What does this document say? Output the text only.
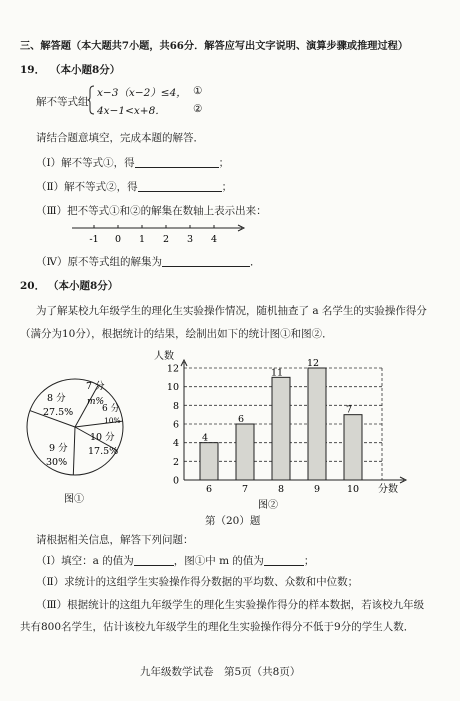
三、解答题（本大题共7小题，共66分．解答应写出文字说明、演算步骤或推理过程）
19． （本小题8分）
解不等式组
x−3（x−2）≤4， ①
4x−1<x+8．	②
请结合题意填空，完成本题的解答．
（Ⅰ）解不等式①，得	；
（Ⅱ）解不等式②，得	；
（Ⅲ）把不等式①和②的解集在数轴上表示出来：
-1 0 1 2 3 4
（Ⅳ）原不等式组的解集为	．
20． （本小题8分）
为了解某校九年级学生的理化生实验操作情况，随机抽查了 a 名学生的实验操作得分
（满分为10分），根据统计的结果，绘制出如下的统计图①和图②．
8 分
27.5%
7 分
m%
6 分
10%
10 分
17.5%
9 分
30%
图①
4
6
11
12
7
0
2
4
6
8
10
12
6	7	8	9	10
人数
分数
图②
第（20）题
请根据相关信息，解答下列问题：
（Ⅰ）填空：a 的值为	，图①中 m 的值为	；
（Ⅱ）求统计的这组学生实验操作得分数据的平均数、众数和中位数；
（Ⅲ）根据统计的这组九年级学生的理化生实验操作得分的样本数据，若该校九年级
共有800名学生，估计该校九年级学生的理化生实验操作得分不低于9分的学生人数．
九年级数学试卷　第5页（共8页）
